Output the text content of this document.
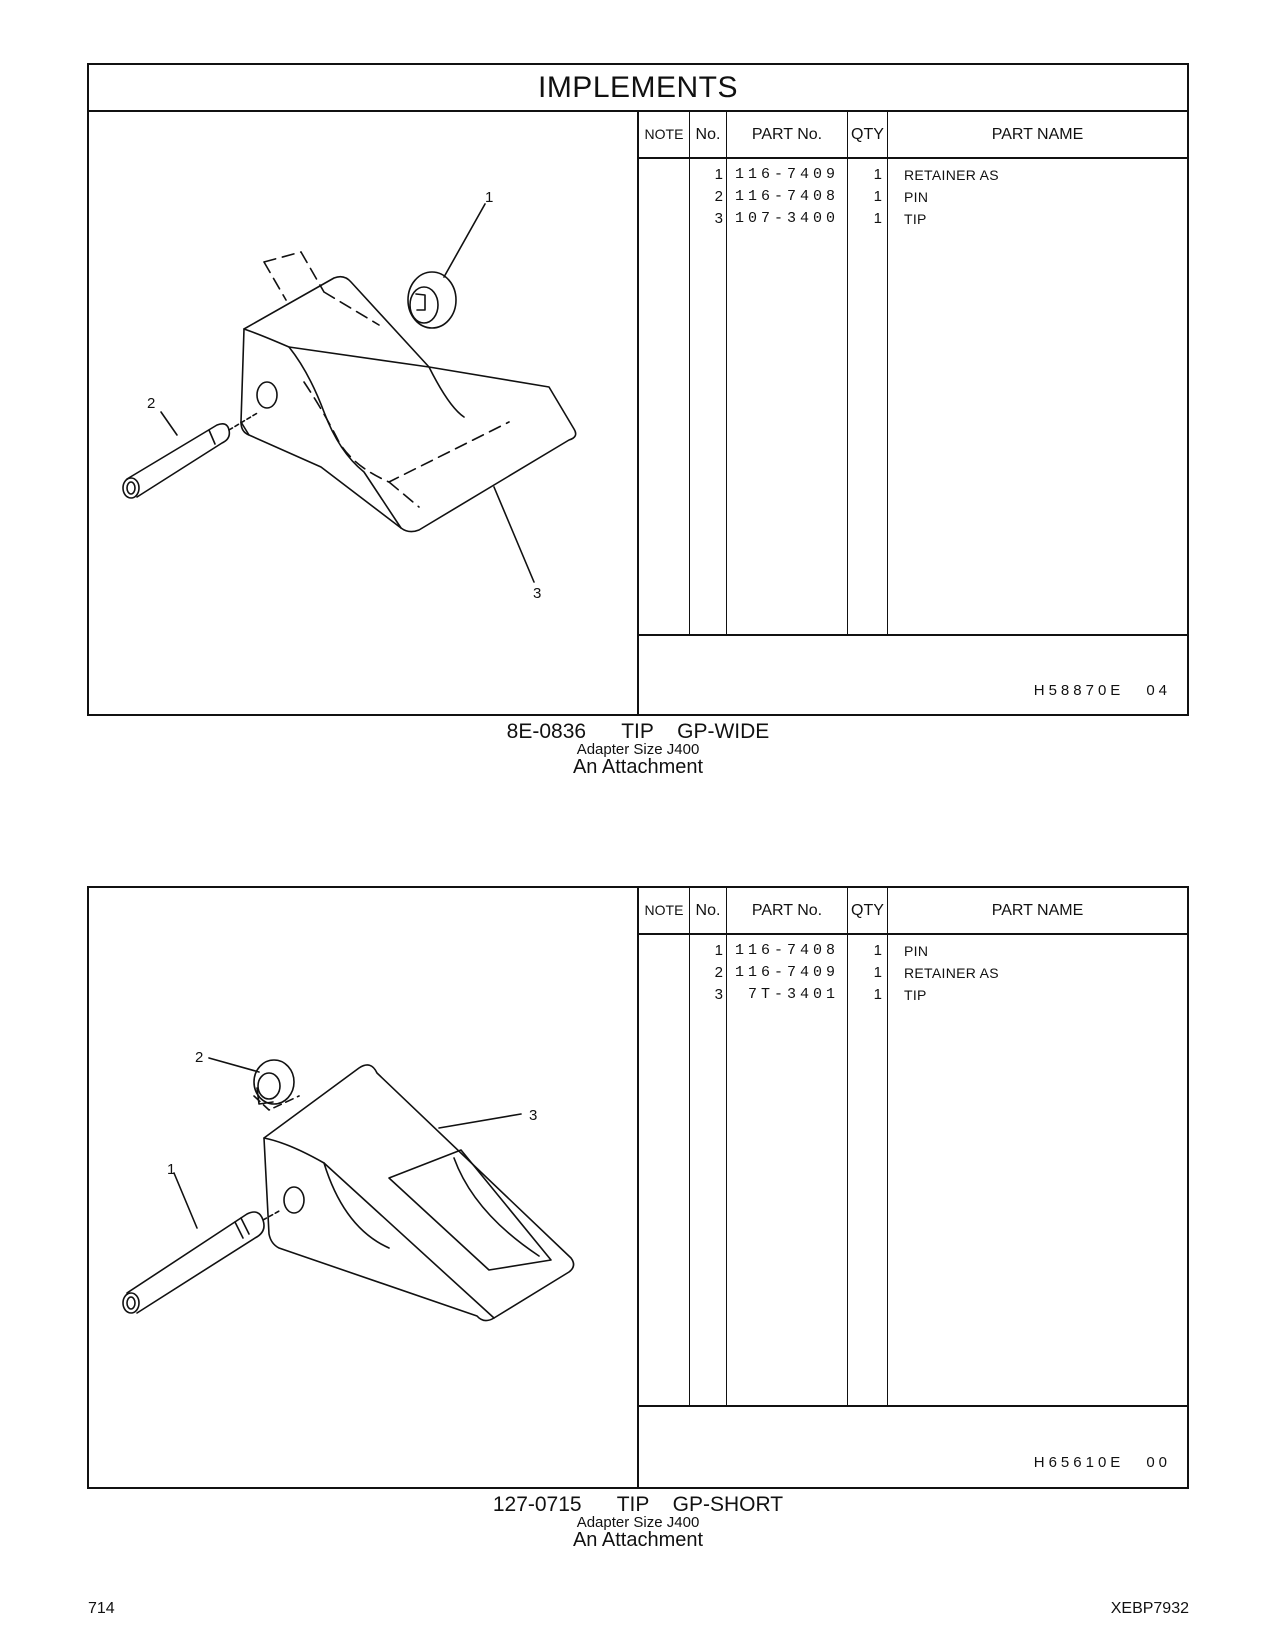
IMPLEMENTS
1
2
3
NOTE No.	PART No.	QTY	PART NAME
1 116-7409	1 RETAINER AS
2 116-7408	1 PIN
3 107-3400	1 TIP
H58870E 04
8E-0836   TIP  GP-WIDE
Adapter Size J400
An Attachment
2
3
1
NOTE No.	PART No.	QTY	PART NAME
1 116-7408	1 PIN
2 116-7409	1 RETAINER AS
3	7T-3401	1 TIP
H65610E 00
127-0715   TIP  GP-SHORT
Adapter Size J400
An Attachment
714	XEBP7932
